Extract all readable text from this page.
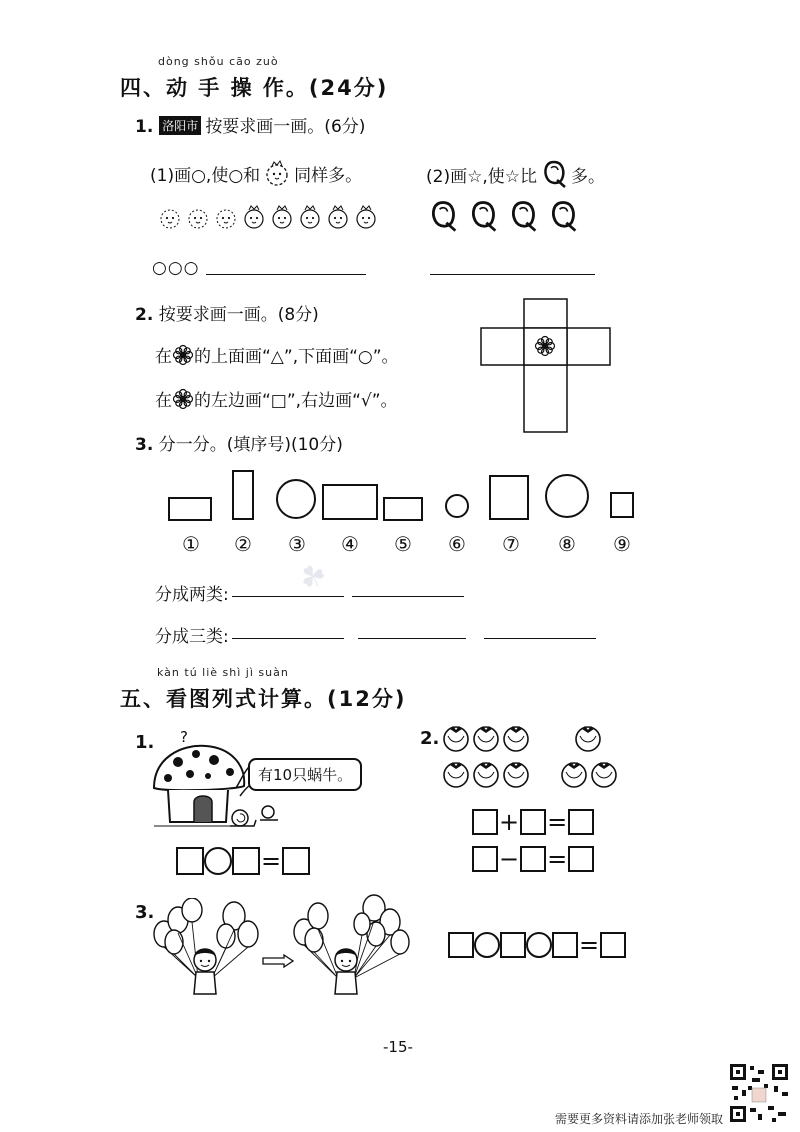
dòng shǒu cāo zuò
四、动 手 操 作。(24分)
1. 洛阳市 按要求画一画。(6分)
(1)画○,使○和 同样多。	(2)画☆,使☆比 多。
○○○
2. 按要求画一画。(8分)
在 的上面画“△”,下面画“○”。
在 的左边画“□”,右边画“√”。
3. 分一分。(填序号)(10分)
①	②	③	④	⑤	⑥	⑦	⑧	⑨
分成两类:
分成三类:
☘
kàn tú liè shì jì suàn
五、看图列式计算。(12分)
1. ?
有10只蜗牛。
=
2.
+ =
− =
3.
=
-15-
需要更多资料请添加张老师领取
